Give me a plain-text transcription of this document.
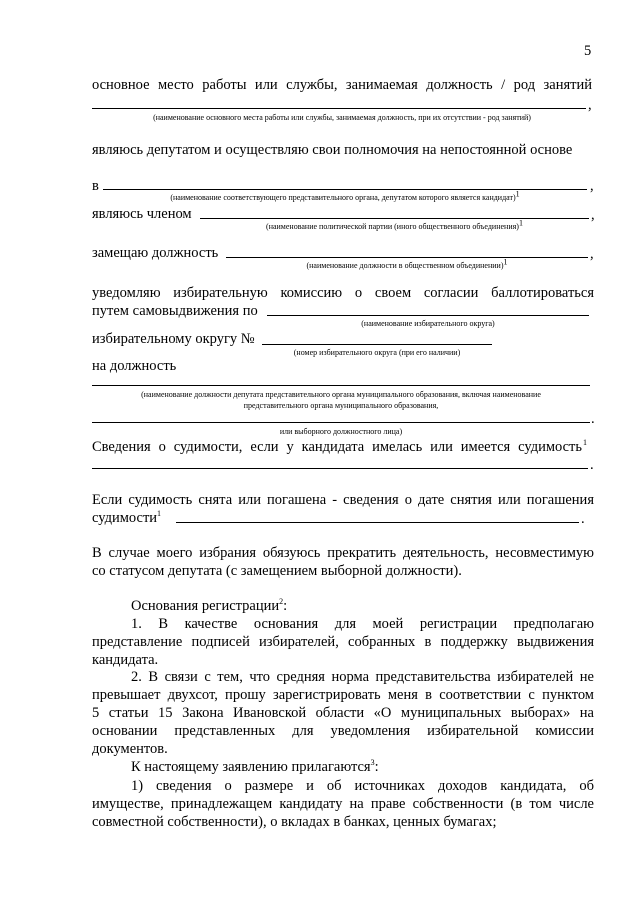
5
основное место работы или службы, занимаемая должность / род занятий
,
(наименование основного места работы или службы, занимаемая должность, при их отсутствии - род занятий)
являюсь депутатом и осуществляю свои полномочия на непостоянной основе
в	,
(наименование соответствующего представительного органа, депутатом которого является кандидат)1
являюсь членом	,
(наименование политической партии (иного общественного объединения)1
замещаю должность	,
(наименование должности в общественном объединении)1
уведомляю избирательную комиссию о своем согласии баллотироваться
путем самовыдвижения по
(наименование избирательного округа)
избирательному округу №
(номер избирательного округа (при его наличии)
на должность
(наименование должности депутата представительного органа муниципального образования, включая наименование
представительного органа муниципального образования,
.
или выборного должностного лица)
Сведения о судимости, если у кандидата имелась или имеется судимость 1
.
Если судимость снята или погашена - сведения о дате снятия или погашения
судимости$^1$	.
В случае моего избрания обязуюсь прекратить деятельность, несовместимую
со статусом депутата (с замещением выборной должности).
Основания регистрации$^2$:
1. В качестве основания для моей регистрации предполагаю
представление подписей избирателей, собранных в поддержку выдвижения
кандидата.
2. В связи с тем, что средняя норма представительства избирателей не
превышает двухсот, прошу зарегистрировать меня в соответствии с пунктом
5 статьи 15 Закона Ивановской области «О муниципальных выборах» на
основании представленных для уведомления избирательной комиссии
документов.
К настоящему заявлению прилагаются$^3$:
1) сведения о размере и об источниках доходов кандидата, об
имуществе, принадлежащем кандидату на праве собственности (в том числе
совместной собственности), о вкладах в банках, ценных бумагах;
